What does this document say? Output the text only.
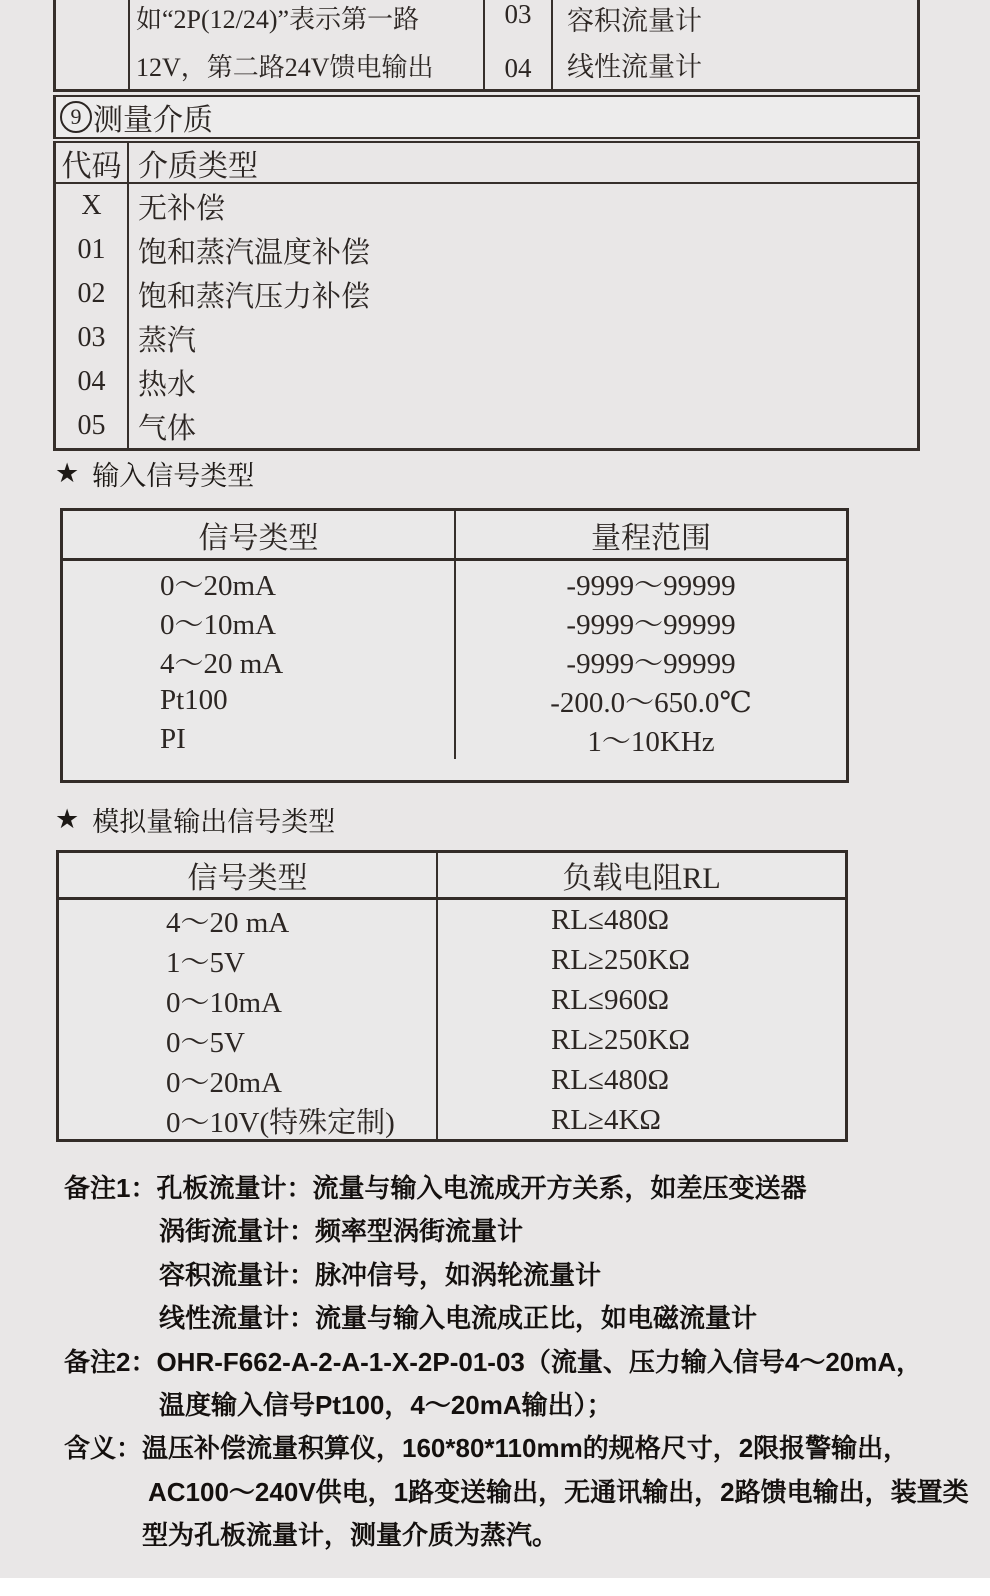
如“2P(12/24)”表示第一路
12V，第二路24V馈电输出
03
04
容积流量计
线性流量计
9 测量介质
代码 介质类型
X
01
02
03
04
05
无补偿
饱和蒸汽温度补偿
饱和蒸汽压力补偿
蒸汽
热水
气体
★ 输入信号类型
信号类型	量程范围
0～20mA
0～10mA
4～20 mA
Pt100
PI
-9999～99999
-9999～99999
-9999～99999
-200.0～650.0℃
1～10KHz
★ 模拟量输出信号类型
信号类型	负载电阻RL
4～20 mA
1～5V
0～10mA
0～5V
0～20mA
0～10V(特殊定制)
RL≤480Ω
RL≥250KΩ
RL≤960Ω
RL≥250KΩ
RL≤480Ω
RL≥4KΩ
备注1：孔板流量计：流量与输入电流成开方关系，如差压变送器
涡街流量计：频率型涡街流量计
容积流量计：脉冲信号，如涡轮流量计
线性流量计：流量与输入电流成正比，如电磁流量计
备注2：OHR-F662-A-2-A-1-X-2P-01-03（流量、压力输入信号4～20mA，
温度输入信号Pt100，4～20mA输出）；
含义：温压补偿流量积算仪，160*80*110mm的规格尺寸，2限报警输出，
AC100～240V供电，1路变送输出，无通讯输出，2路馈电输出，装置类
型为孔板流量计，测量介质为蒸汽。
